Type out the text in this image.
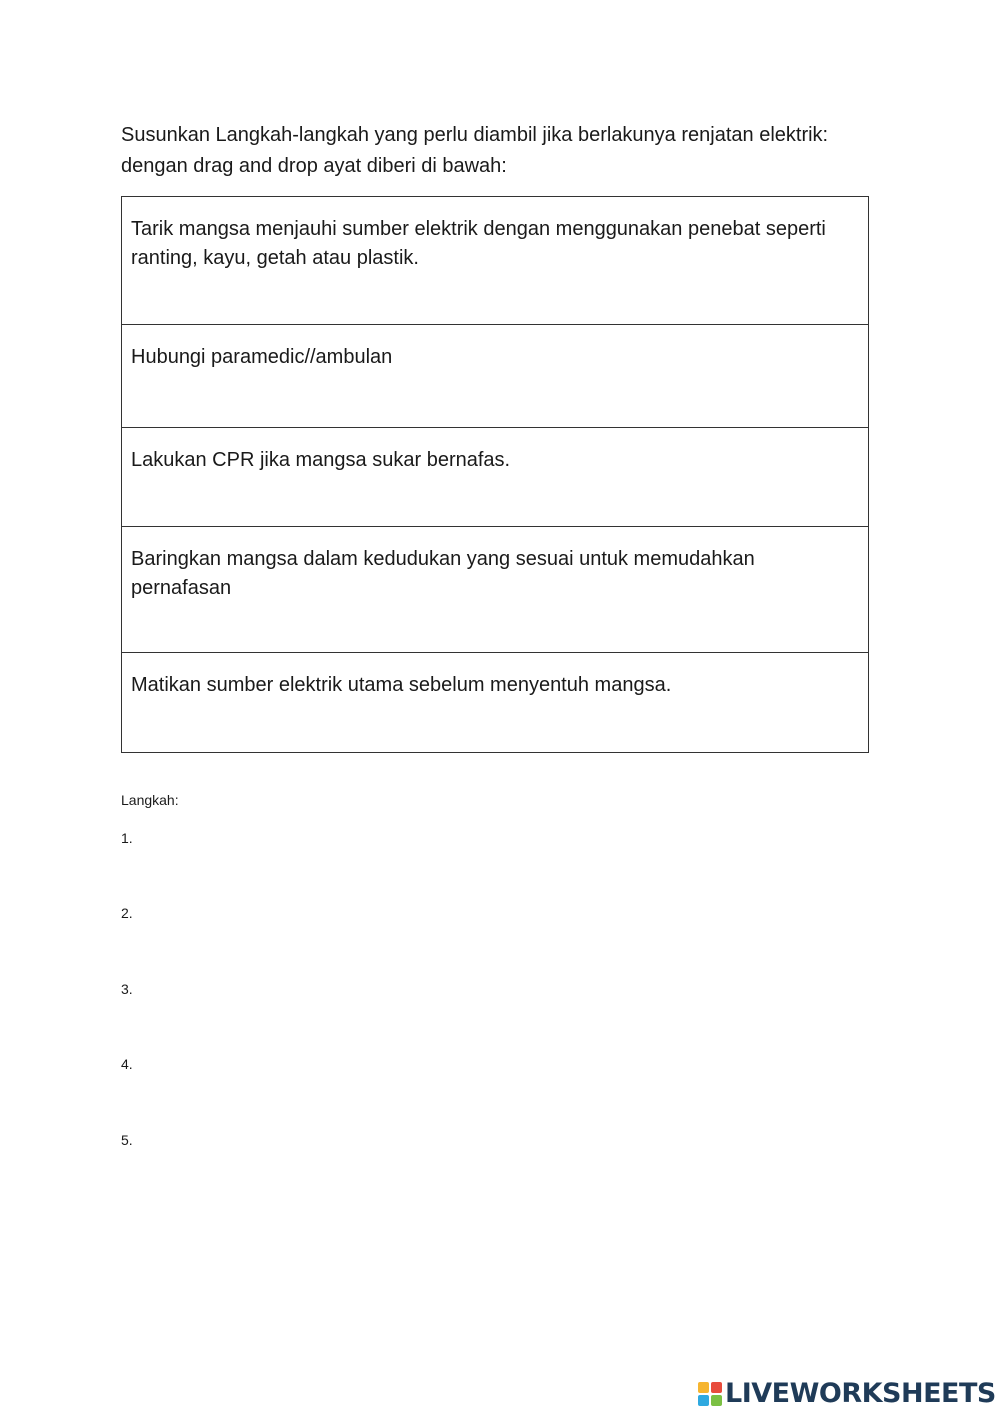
Susunkan Langkah-langkah yang perlu diambil jika berlakunya renjatan elektrik: dengan drag and drop ayat diberi di bawah:

Tarik mangsa menjauhi sumber elektrik dengan menggunakan penebat seperti ranting, kayu, getah atau plastik.
Hubungi paramedic//ambulan
Lakukan CPR jika mangsa sukar bernafas.
Baringkan mangsa dalam kedudukan yang sesuai untuk memudahkan pernafasan
Matikan sumber elektrik utama sebelum menyentuh mangsa.
Langkah:
1.
2.
3.
4.
5.
LIVEWORKSHEETS
